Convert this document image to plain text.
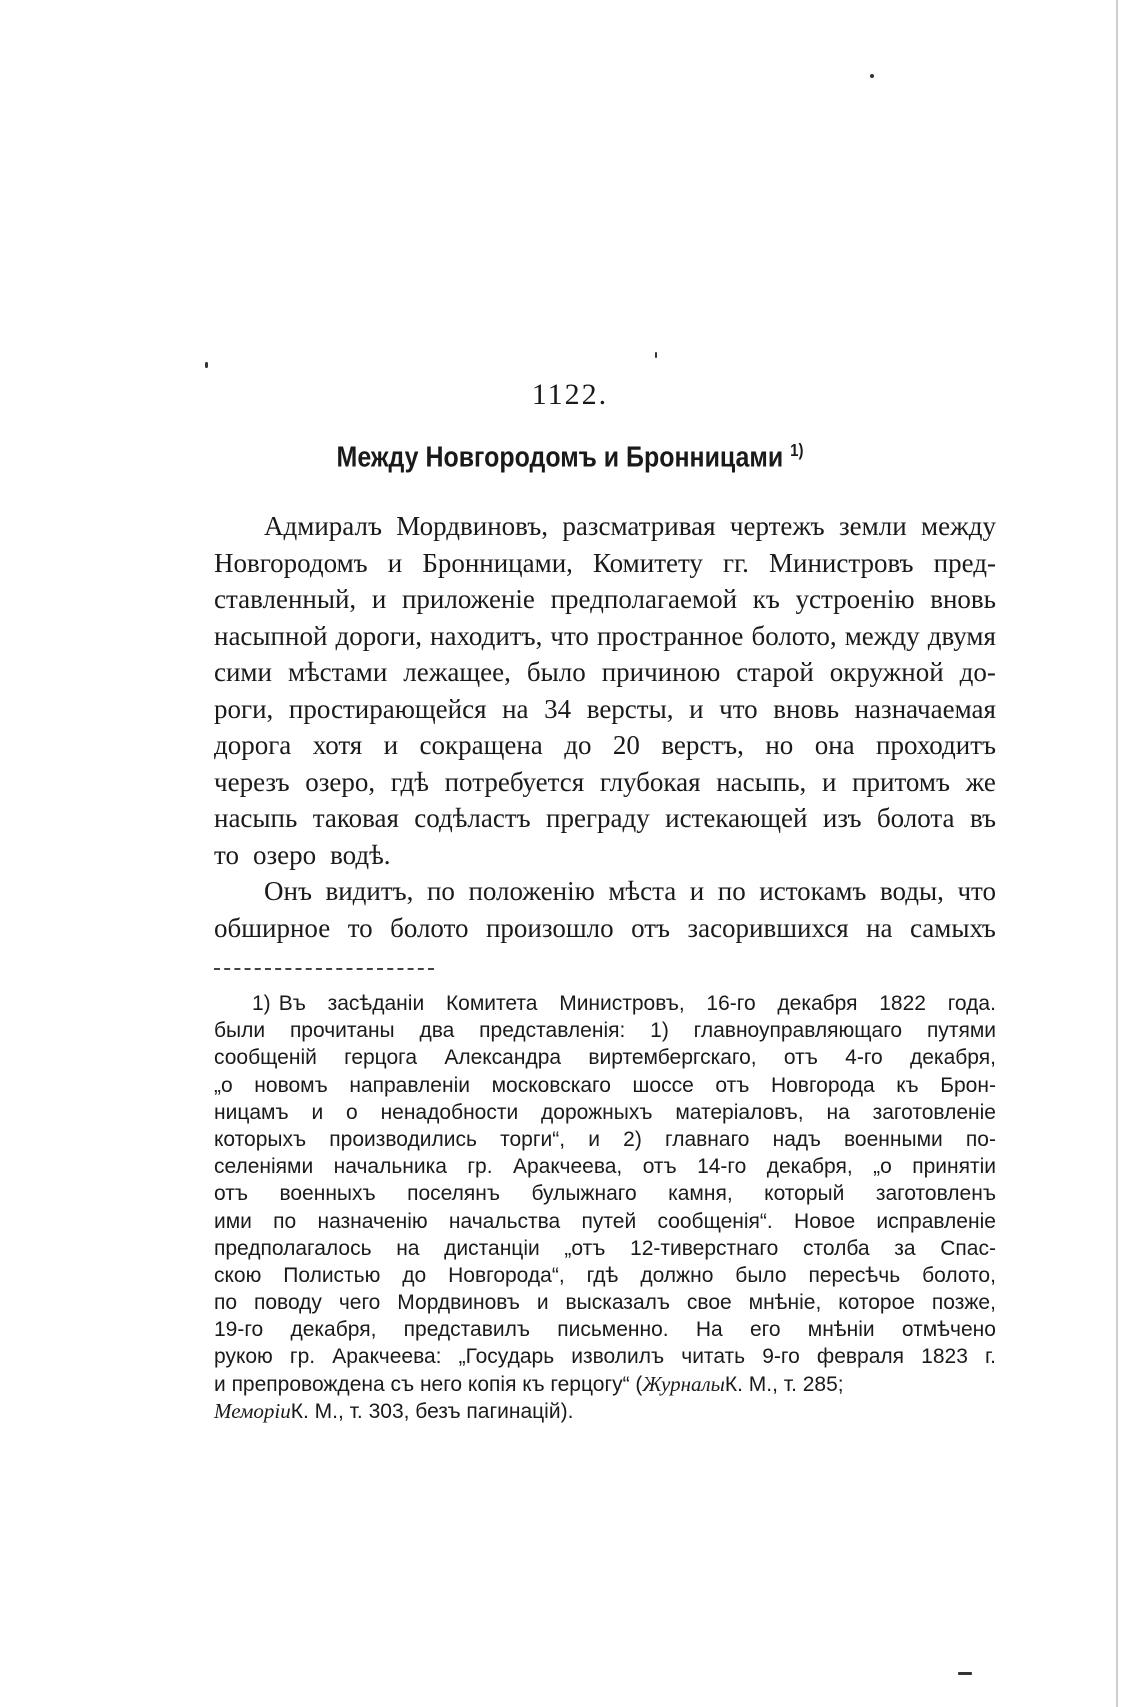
1122.
Между Новгородомъ и Бронницами $^{1)}$
Адмиралъ Мордвиновъ, разсматривая чертежъ земли между
Новгородомъ и Бронницами, Комитету гг. Министровъ пред-
ставленный, и приложенiе предполагаемой къ устроенiю вновь
насыпной дороги, находитъ, что пространное болото, между двумя
сими мѣстами лежащее, было причиною старой окружной до-
роги, простирающейся на 34 версты, и что вновь назначаемая
дорога хотя и сокращена до 20 верстъ, но она проходитъ
черезъ озеро, гдѣ потребуется глубокая насыпь, и притомъ же
насыпь таковая содѣластъ преграду истекающей изъ болота въ
то озеро водѣ.
Онъ видитъ, по положенiю мѣста и по истокамъ воды, что
обширное то болото произошло отъ засорившихся на самыхъ
1) Въ засѣданiи Комитета Министровъ, 16-го декабря 1822 года.
были прочитаны два представленiя: 1) главноуправляющаго путями
сообщенiй герцога Александра виртембергскаго, отъ 4-го декабря,
„о новомъ направленiи московскаго шоссе отъ Новгорода къ Брон-
ницамъ и о ненадобности дорожныхъ матерiаловъ, на заготовленiе
которыхъ производились торги“, и 2) главнаго надъ военными по-
селенiями начальника гр. Аракчеева, отъ 14-го декабря, „о принятiи
отъ военныхъ поселянъ булыжнаго камня, который заготовленъ
ими по назначенiю начальства путей сообщенiя“. Новое исправленiе
предполагалось на дистанцiи „отъ 12-тиверстнаго столба за Спас-
скою Полистью до Новгорода“, гдѣ должно было пересѣчь болото,
по поводу чего Мордвиновъ и высказалъ свое мнѣнiе, которое позже,
19-го декабря, представилъ письменно. На его мнѣнiи отмѣчено
рукою гр. Аракчеева: „Государь изволилъ читать 9-го февраля 1823 г.
и препровождена съ него копiя къ герцогу“ ( Журналы К. М., т. 285;
Меморiи К. М., т. 303, безъ пагинацiй).
